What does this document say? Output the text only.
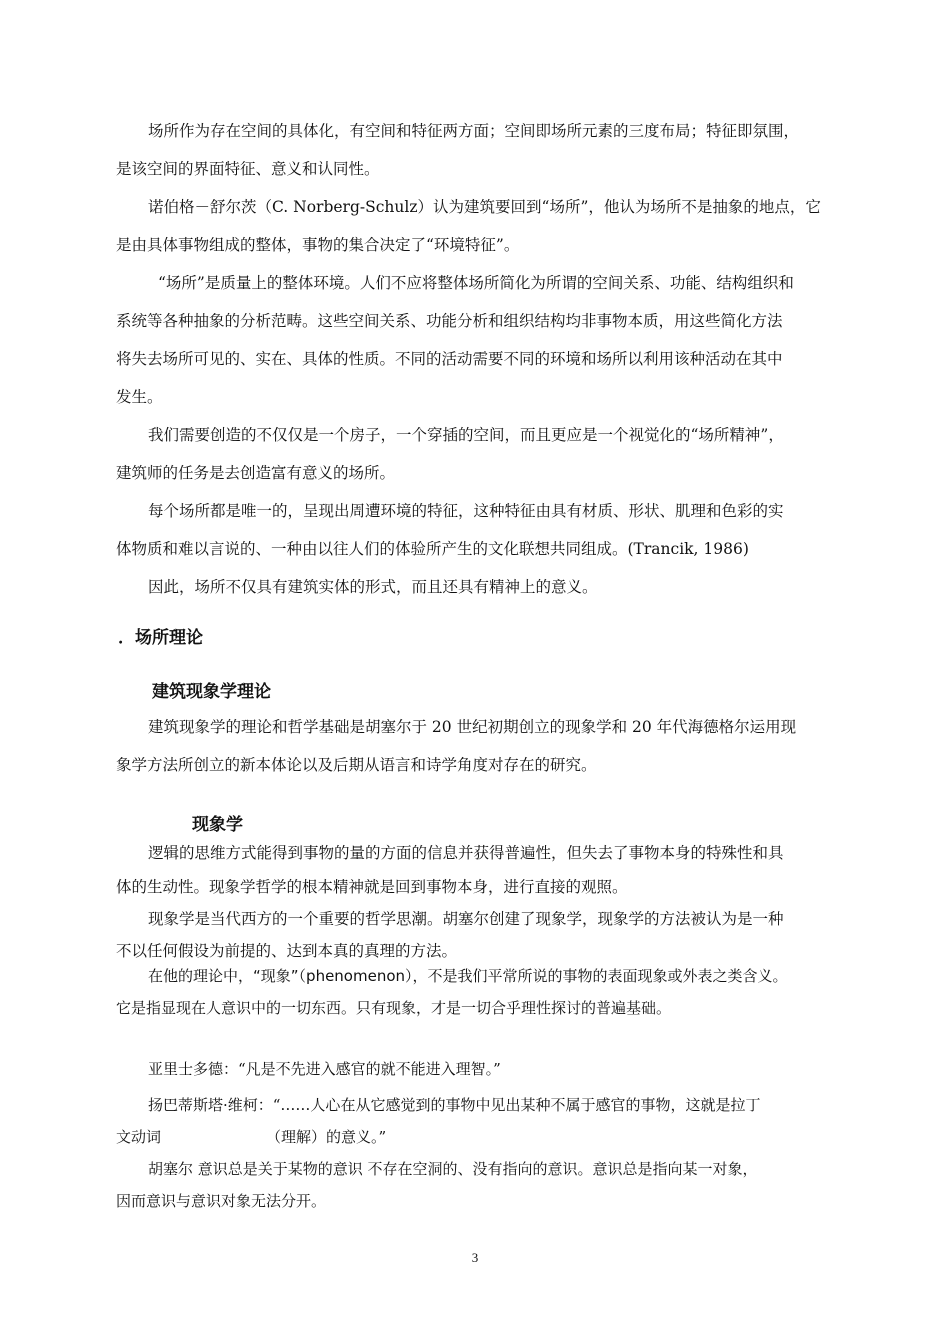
场所作为存在空间的具体化，有空间和特征两方面；空间即场所元素的三度布局；特征即氛围，
是该空间的界面特征、意义和认同性。
诺伯格－舒尔茨（C. Norberg-Schulz）认为建筑要回到“场所”，他认为场所不是抽象的地点，它
是由具体事物组成的整体，事物的集合决定了“环境特征”。
“场所”是质量上的整体环境。人们不应将整体场所简化为所谓的空间关系、功能、结构组织和
系统等各种抽象的分析范畴。这些空间关系、功能分析和组织结构均非事物本质，用这些简化方法
将失去场所可见的、实在、具体的性质。不同的活动需要不同的环境和场所以利用该种活动在其中
发生。
我们需要创造的不仅仅是一个房子，一个穿插的空间，而且更应是一个视觉化的“场所精神”，
建筑师的任务是去创造富有意义的场所。
每个场所都是唯一的，呈现出周遭环境的特征，这种特征由具有材质、形状、肌理和色彩的实
体物质和难以言说的、一种由以往人们的体验所产生的文化联想共同组成。(Trancik, 1986)
因此，场所不仅具有建筑实体的形式，而且还具有精神上的意义。
．场所理论
建筑现象学理论
建筑现象学的理论和哲学基础是胡塞尔于 20 世纪初期创立的现象学和 20 年代海德格尔运用现
象学方法所创立的新本体论以及后期从语言和诗学角度对存在的研究。
现象学
逻辑的思维方式能得到事物的量的方面的信息并获得普遍性，但失去了事物本身的特殊性和具
体的生动性。现象学哲学的根本精神就是回到事物本身，进行直接的观照。
现象学是当代西方的一个重要的哲学思潮。胡塞尔创建了现象学，现象学的方法被认为是一种
不以任何假设为前提的、达到本真的真理的方法。
在他的理论中，“现象”（phenomenon），不是我们平常所说的事物的表面现象或外表之类含义。
它是指显现在人意识中的一切东西。只有现象，才是一切合乎理性探讨的普遍基础。
亚里士多德：“凡是不先进入感官的就不能进入理智。”
扬巴蒂斯塔·维柯：“……人心在从它感觉到的事物中见出某种不属于感官的事物，这就是拉丁
文动词	（理解）的意义。”
胡塞尔 意识总是关于某物的意识 不存在空洞的、没有指向的意识。意识总是指向某一对象，
因而意识与意识对象无法分开。
3
